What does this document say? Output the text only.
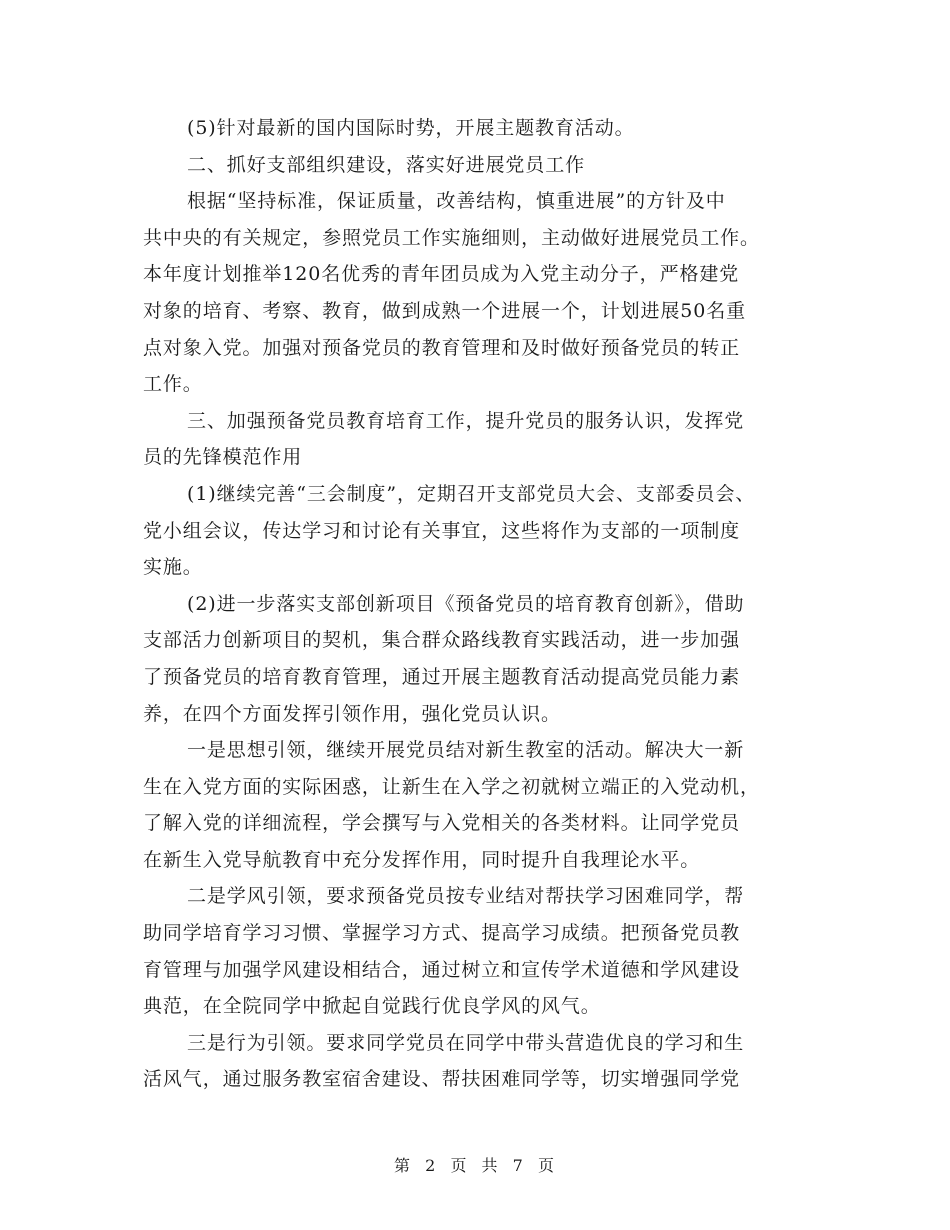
(5)针对最新的国内国际时势，开展主题教育活动。
二、抓好支部组织建设，落实好进展党员工作
根据“坚持标准，保证质量，改善结构，慎重进展”的方针及中
共中央的有关规定，参照党员工作实施细则，主动做好进展党员工作。
本年度计划推举120名优秀的青年团员成为入党主动分子，严格建党
对象的培育、考察、教育，做到成熟一个进展一个，计划进展50名重
点对象入党。加强对预备党员的教育管理和及时做好预备党员的转正
工作。
三、加强预备党员教育培育工作，提升党员的服务认识，发挥党
员的先锋模范作用
(1)继续完善“三会制度”，定期召开支部党员大会、支部委员会、
党小组会议，传达学习和讨论有关事宜，这些将作为支部的一项制度
实施。
(2)进一步落实支部创新项目《预备党员的培育教育创新》，借助
支部活力创新项目的契机，集合群众路线教育实践活动，进一步加强
了预备党员的培育教育管理，通过开展主题教育活动提高党员能力素
养，在四个方面发挥引领作用，强化党员认识。
一是思想引领，继续开展党员结对新生教室的活动。解决大一新
生在入党方面的实际困惑，让新生在入学之初就树立端正的入党动机，
了解入党的详细流程，学会撰写与入党相关的各类材料。让同学党员
在新生入党导航教育中充分发挥作用，同时提升自我理论水平。
二是学风引领，要求预备党员按专业结对帮扶学习困难同学，帮
助同学培育学习习惯、掌握学习方式、提高学习成绩。把预备党员教
育管理与加强学风建设相结合，通过树立和宣传学术道德和学风建设
典范，在全院同学中掀起自觉践行优良学风的风气。
三是行为引领。要求同学党员在同学中带头营造优良的学习和生
活风气，通过服务教室宿舍建设、帮扶困难同学等，切实增强同学党
第 2 页 共 7 页
